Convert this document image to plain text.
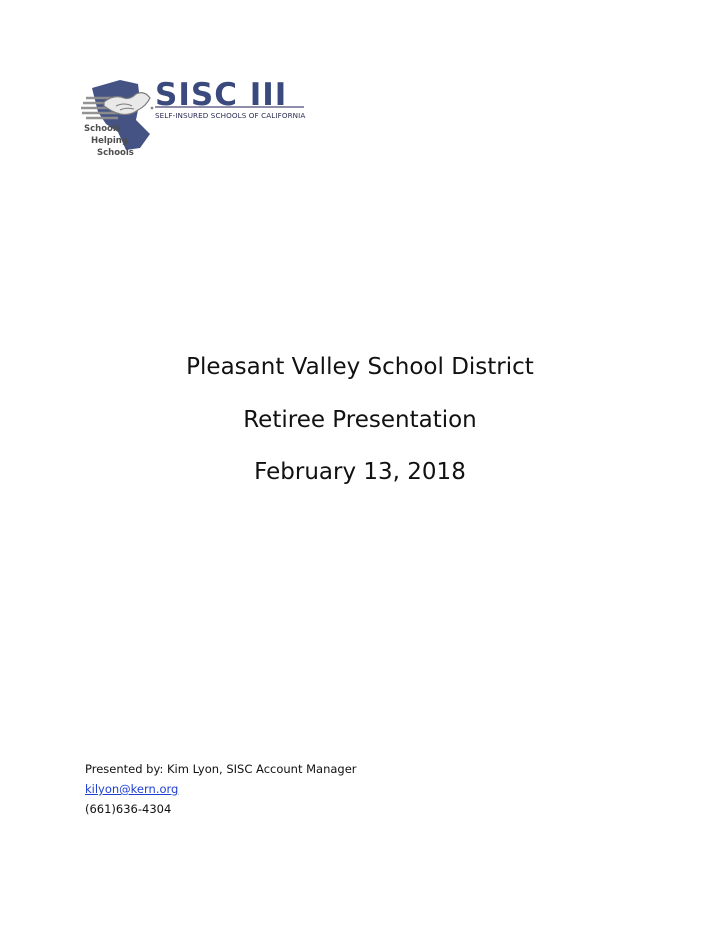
SISC III
SELF-INSURED SCHOOLS OF CALIFORNIA
Schools
Helping
Schools
Pleasant Valley School District
Retiree Presentation
February 13, 2018
Presented by: Kim Lyon, SISC Account Manager
kilyon@kern.org
(661)636-4304
